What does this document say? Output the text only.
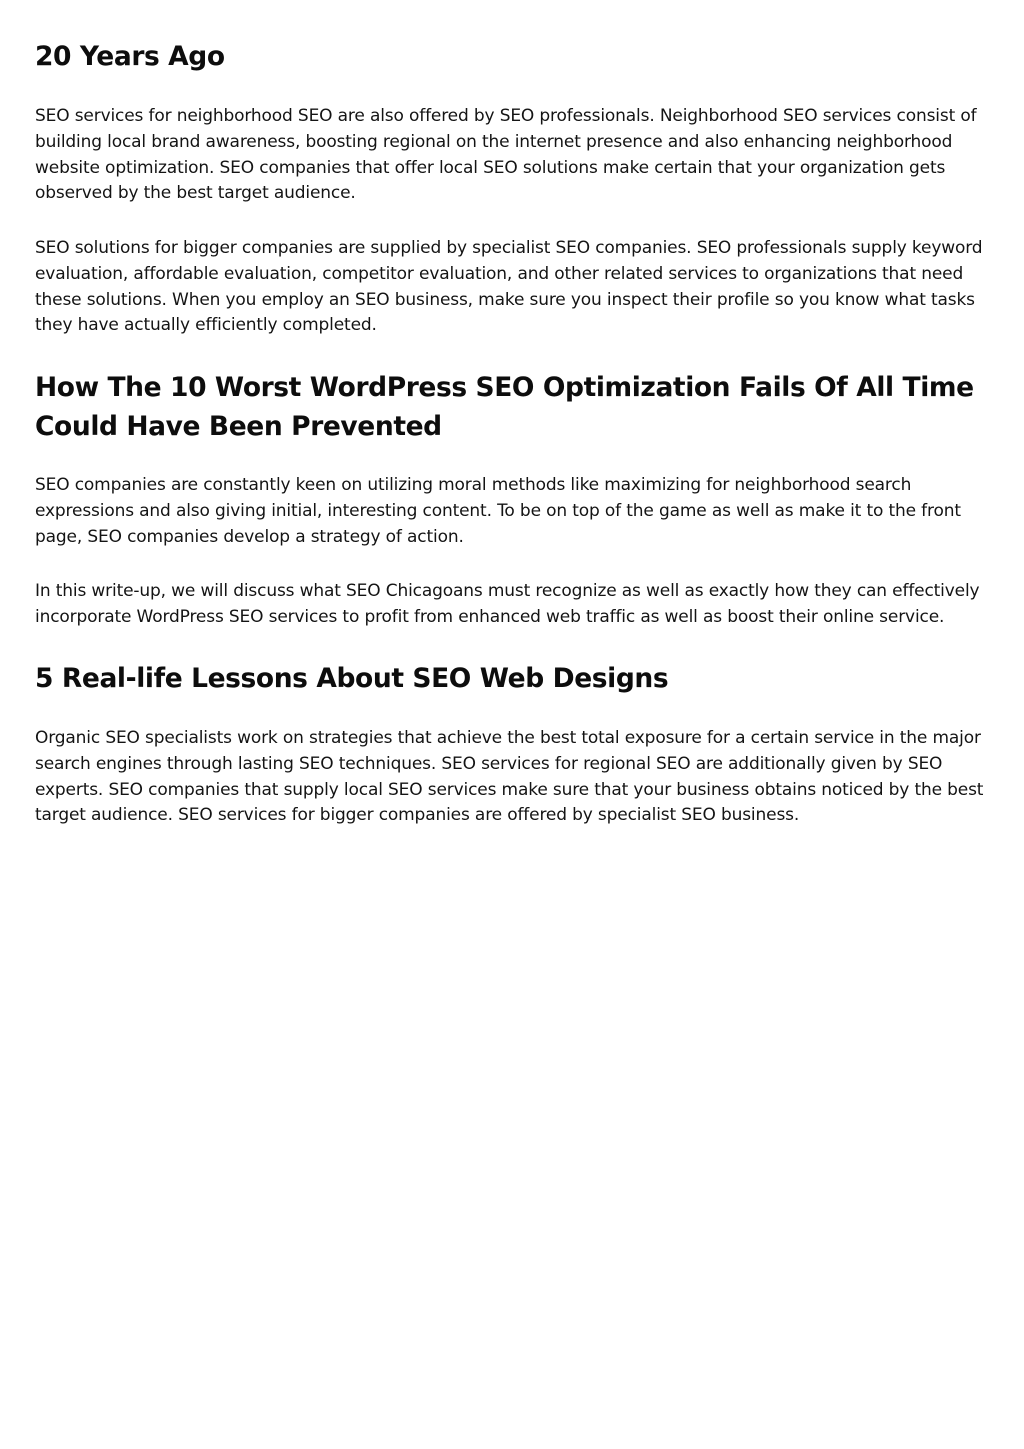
20 Years Ago

SEO services for neighborhood SEO are also offered by SEO professionals. Neighborhood SEO services consist of building local brand awareness, boosting regional on the internet presence and also enhancing neighborhood website optimization. SEO companies that offer local SEO solutions make certain that your organization gets observed by the best target audience.

SEO solutions for bigger companies are supplied by specialist SEO companies. SEO professionals supply keyword evaluation, affordable evaluation, competitor evaluation, and other related services to organizations that need these solutions. When you employ an SEO business, make sure you inspect their profile so you know what tasks they have actually efficiently completed.

How The 10 Worst WordPress SEO Optimization Fails Of All Time Could Have Been Prevented

SEO companies are constantly keen on utilizing moral methods like maximizing for neighborhood search expressions and also giving initial, interesting content. To be on top of the game as well as make it to the front page, SEO companies develop a strategy of action.

In this write-up, we will discuss what SEO Chicagoans must recognize as well as exactly how they can effectively incorporate WordPress SEO services to profit from enhanced web traffic as well as boost their online service.

5 Real-life Lessons About SEO Web Designs

Organic SEO specialists work on strategies that achieve the best total exposure for a certain service in the major search engines through lasting SEO techniques. SEO services for regional SEO are additionally given by SEO experts. SEO companies that supply local SEO services make sure that your business obtains noticed by the best target audience. SEO services for bigger companies are offered by specialist SEO business.
